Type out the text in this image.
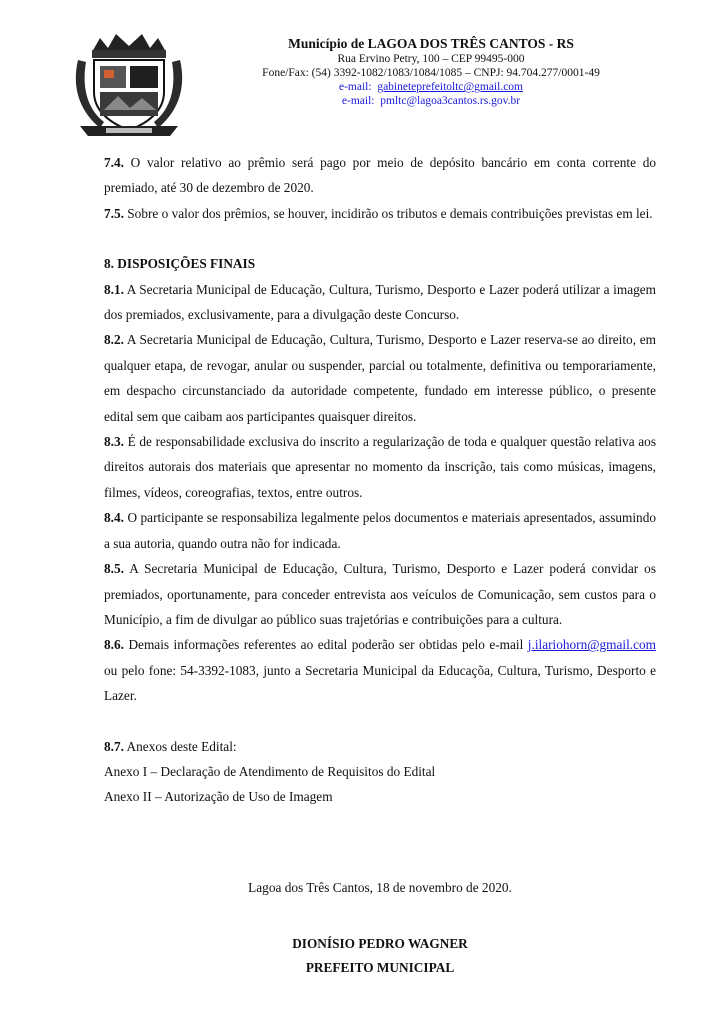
Município de LAGOA DOS TRÊS CANTOS - RS
Rua Ervino Petry, 100 – CEP 99495-000
Fone/Fax: (54) 3392-1082/1083/1084/1085 – CNPJ: 94.704.277/0001-49
e-mail: gabineteprefeitoltc@gmail.com
e-mail: pmltc@lagoa3cantos.rs.gov.br

7.4. O valor relativo ao prêmio será pago por meio de depósito bancário em conta corrente do premiado, até 30 de dezembro de 2020.

7.5. Sobre o valor dos prêmios, se houver, incidirão os tributos e demais contribuições previstas em lei.

8. DISPOSIÇÕES FINAIS

8.1. A Secretaria Municipal de Educação, Cultura, Turismo, Desporto e Lazer poderá utilizar a imagem dos premiados, exclusivamente, para a divulgação deste Concurso.

8.2. A Secretaria Municipal de Educação, Cultura, Turismo, Desporto e Lazer reserva-se ao direito, em qualquer etapa, de revogar, anular ou suspender, parcial ou totalmente, definitiva ou temporariamente, em despacho circunstanciado da autoridade competente, fundado em interesse público, o presente edital sem que caibam aos participantes quaisquer direitos.

8.3. É de responsabilidade exclusiva do inscrito a regularização de toda e qualquer questão relativa aos direitos autorais dos materiais que apresentar no momento da inscrição, tais como músicas, imagens, filmes, vídeos, coreografias, textos, entre outros.

8.4. O participante se responsabiliza legalmente pelos documentos e materiais apresentados, assumindo a sua autoria, quando outra não for indicada.

8.5. A Secretaria Municipal de Educação, Cultura, Turismo, Desporto e Lazer poderá convidar os premiados, oportunamente, para conceder entrevista aos veículos de Comunicação, sem custos para o Município, a fim de divulgar ao público suas trajetórias e contribuições para a cultura.

8.6. Demais informações referentes ao edital poderão ser obtidas pelo e-mail j.ilariohorn@gmail.com ou pelo fone: 54-3392-1083, junto a Secretaria Municipal da Educaçõa, Cultura, Turismo, Desporto e Lazer.

8.7. Anexos deste Edital:

Anexo I – Declaração de Atendimento de Requisitos do Edital

Anexo II – Autorização de Uso de Imagem

Lagoa dos Três Cantos, 18 de novembro de 2020.
DIONÍSIO PEDRO WAGNER
PREFEITO MUNICIPAL
